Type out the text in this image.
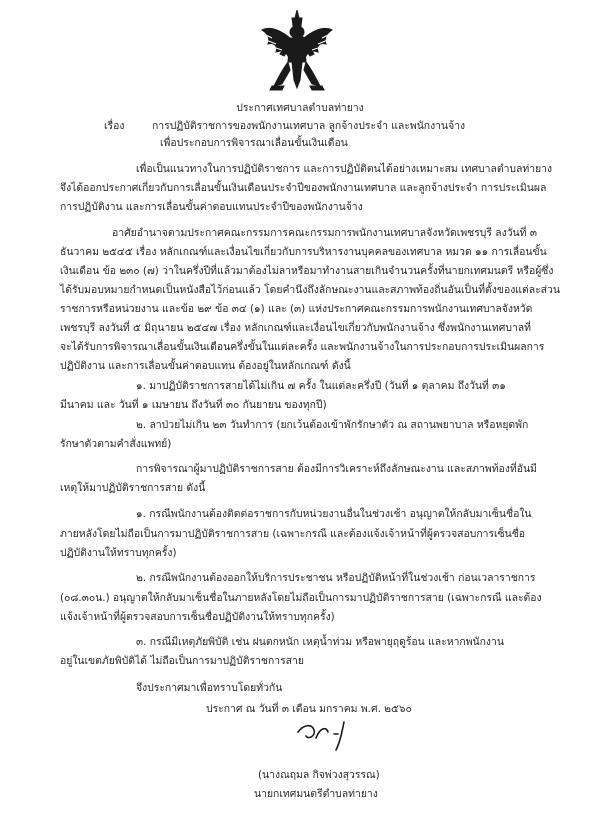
ประกาศเทศบาลตำบลท่ายาง
เรื่อง	การปฏิบัติราชการของพนักงานเทศบาล ลูกจ้างประจำ และพนักงานจ้าง
เพื่อประกอบการพิจารณาเลื่อนขั้นเงินเดือน
เพื่อเป็นแนวทางในการปฏิบัติราชการ และการปฏิบัติตนได้อย่างเหมาะสม เทศบาลตำบลท่ายาง
จึงได้ออกประกาศเกี่ยวกับการเลื่อนขั้นเงินเดือนประจำปีของพนักงานเทศบาล และลูกจ้างประจำ การประเมินผล
การปฏิบัติงาน และการเลื่อนขั้นค่าตอบแทนประจำปีของพนักงานจ้าง
อาศัยอำนาจตามประกาศคณะกรรมการคณะกรรมการพนักงานเทศบาลจังหวัดเพชรบุรี ลงวันที่ ๓
ธันวาคม ๒๕๔๕ เรื่อง หลักเกณฑ์และเงื่อนไขเกี่ยวกับการบริหารงานบุคคลของเทศบาล หมวด ๑๑ การเลื่อนขั้น
เงินเดือน ข้อ ๒๓๐ (๗) ว่าในครึ่งปีที่แล้วมาต้องไม่ลาหรือมาทำงานสายเกินจำนวนครั้งที่นายกเทศมนตรี หรือผู้ซึ่ง
ได้รับมอบหมายกำหนดเป็นหนังสือไว้ก่อนแล้ว โดยคำนึงถึงลักษณะงานและสภาพท้องถิ่นอันเป็นที่ตั้งของแต่ละส่วน
ราชการหรือหน่วยงาน และข้อ ๒๙ ข้อ ๓๔ (๑) และ (๓) แห่งประกาศคณะกรรมการพนักงานเทศบาลจังหวัด
เพชรบุรี ลงวันที่ ๕ มิถุนายน ๒๕๔๗ เรื่อง หลักเกณฑ์และเงื่อนไขเกี่ยวกับพนักงานจ้าง ซึ่งพนักงานเทศบาลที่
จะได้รับการพิจารณาเลื่อนขั้นเงินเดือนครึ่งขั้นในแต่ละครั้ง และพนักงานจ้างในการประกอบการประเมินผลการ
ปฏิบัติงาน และการเลื่อนขั้นค่าตอบแทน ต้องอยู่ในหลักเกณฑ์ ดังนี้
๑. มาปฏิบัติราชการสายได้ไม่เกิน ๗ ครั้ง ในแต่ละครึ่งปี (วันที่ ๑ ตุลาคม ถึงวันที่ ๓๑
มีนาคม และ วันที่ ๑ เมษายน ถึงวันที่ ๓๐ กันยายน ของทุกปี)
๒. ลาป่วยไม่เกิน ๒๓ วันทำการ (ยกเว้นต้องเข้าพักรักษาตัว ณ สถานพยาบาล หรือหยุดพัก
รักษาตัวตามคำสั่งแพทย์)
การพิจารณาผู้มาปฏิบัติราชการสาย ต้องมีการวิเคราะห์ถึงลักษณะงาน และสภาพท้องที่อันมี
เหตุให้มาปฏิบัติราชการสาย ดังนี้
๑. กรณีพนักงานต้องติดต่อราชการกับหน่วยงานอื่นในช่วงเช้า อนุญาตให้กลับมาเซ็นชื่อใน
ภายหลังโดยไม่ถือเป็นการมาปฏิบัติราชการสาย (เฉพาะกรณี และต้องแจ้งเจ้าหน้าที่ผู้ตรวจสอบการเซ็นชื่อ
ปฏิบัติงานให้ทราบทุกครั้ง)
๒. กรณีพนักงานต้องออกให้บริการประชาชน หรือปฏิบัติหน้าที่ในช่วงเช้า ก่อนเวลาราชการ
(๐๘.๓๐น.) อนุญาตให้กลับมาเซ็นชื่อในภายหลังโดยไม่ถือเป็นการมาปฏิบัติราชการสาย (เฉพาะกรณี และต้อง
แจ้งเจ้าหน้าที่ผู้ตรวจสอบการเซ็นชื่อปฏิบัติงานให้ทราบทุกครั้ง)
๓. กรณีมีเหตุภัยพิบัติ เช่น ฝนตกหนัก เหตุน้ำท่วม หรือพายุฤดูร้อน และหากพนักงาน
อยู่ในเขตภัยพิบัติได้ ไม่ถือเป็นการมาปฏิบัติราชการสาย
จึงประกาศมาเพื่อทราบโดยทั่วกัน
ประกาศ ณ วันที่ ๓ เดือน มกราคม พ.ศ. ๒๕๖๐
(นางณฤมล กิจพ่วงสุวรรณ)
นายกเทศมนตรีตำบลท่ายาง
